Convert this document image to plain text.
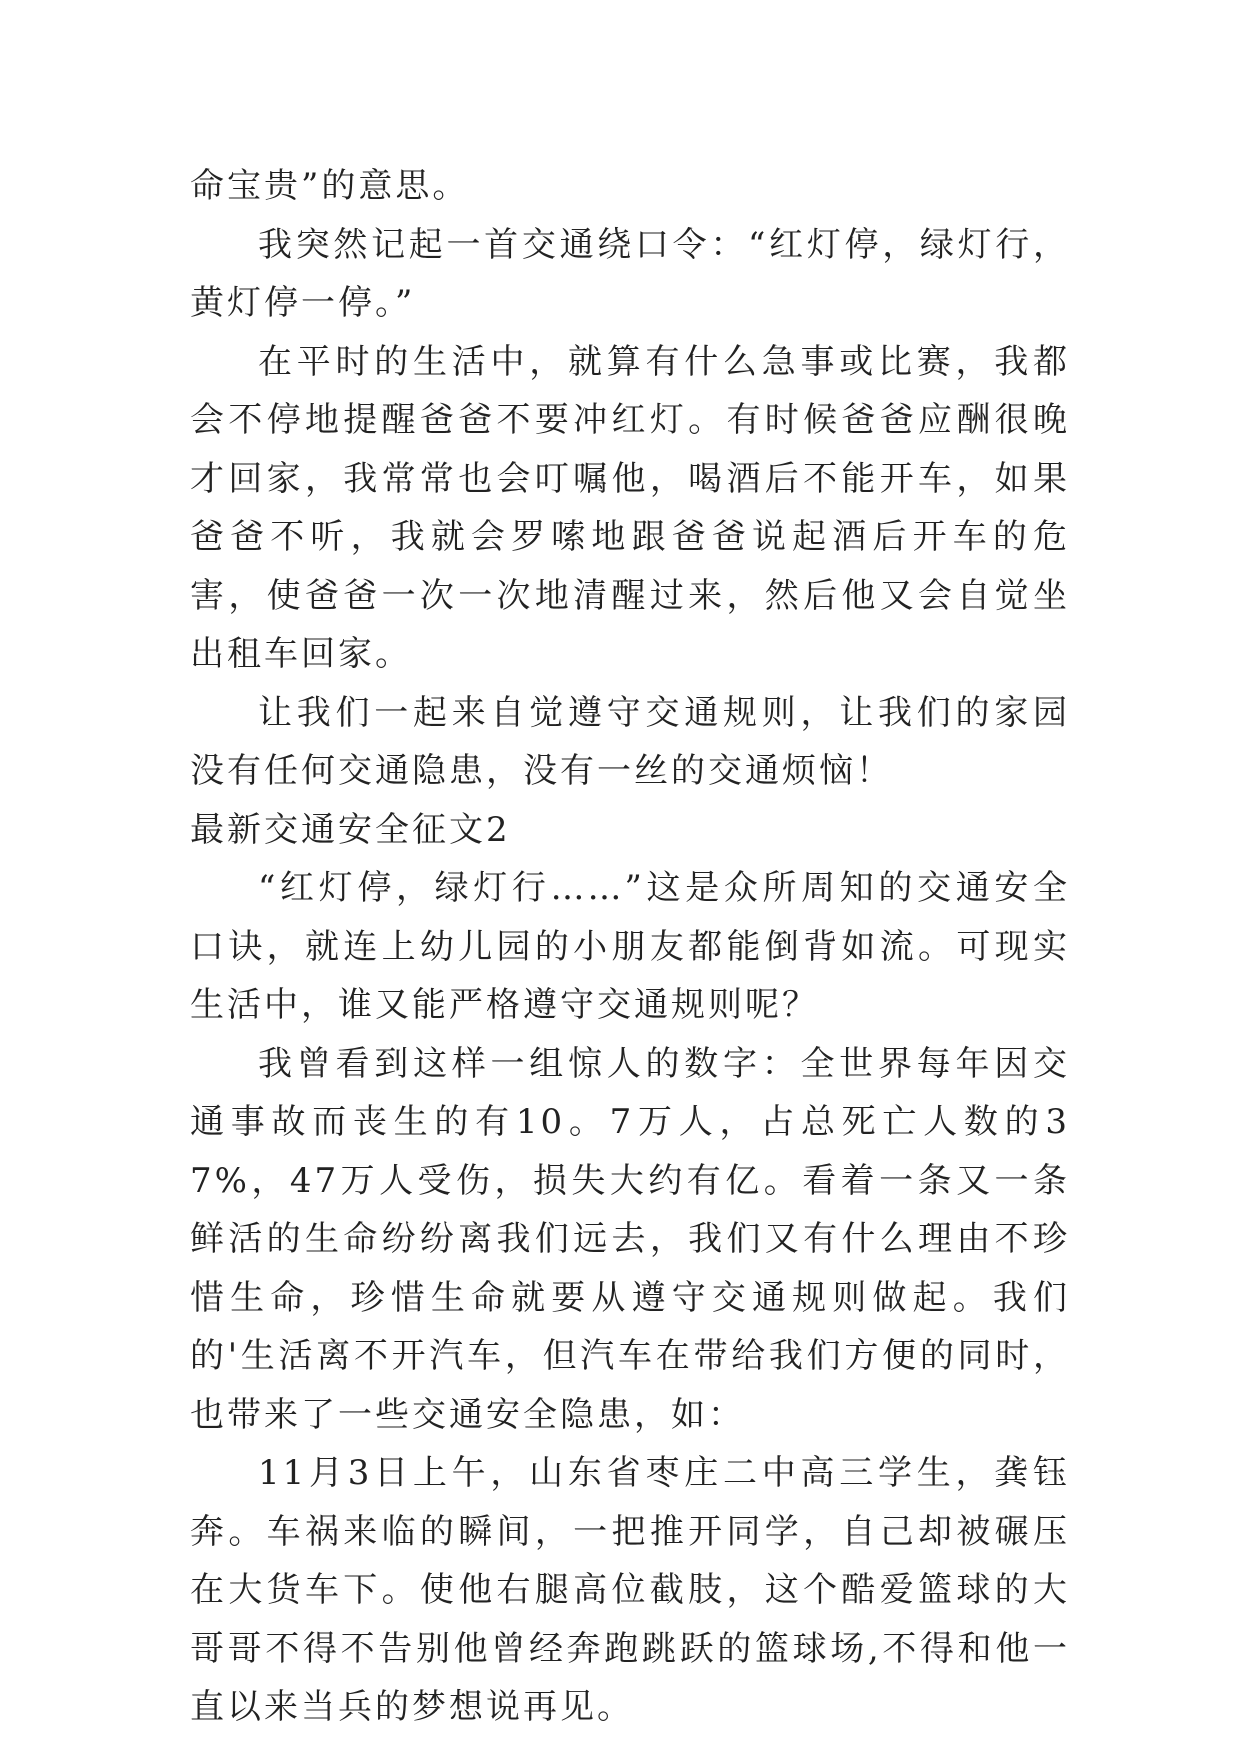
命宝贵”的意思。

我突然记起一首交通绕口令：“红灯停，绿灯行，黄灯停一停。”

在平时的生活中，就算有什么急事或比赛，我都会不停地提醒爸爸不要冲红灯。有时候爸爸应酬很晚才回家，我常常也会叮嘱他，喝酒后不能开车，如果爸爸不听，我就会罗嗦地跟爸爸说起酒后开车的危害，使爸爸一次一次地清醒过来，然后他又会自觉坐出租车回家。

让我们一起来自觉遵守交通规则，让我们的家园没有任何交通隐患，没有一丝的交通烦恼！

最新交通安全征文2

“红灯停，绿灯行……”这是众所周知的交通安全口诀，就连上幼儿园的小朋友都能倒背如流。可现实生活中，谁又能严格遵守交通规则呢？

我曾看到这样一组惊人的数字：全世界每年因交通事故而丧生的有10。7万人，占总死亡人数的37%，47万人受伤，损失大约有亿。看着一条又一条鲜活的生命纷纷离我们远去，我们又有什么理由不珍惜生命，珍惜生命就要从遵守交通规则做起。我们的'生活离不开汽车，但汽车在带给我们方便的同时，也带来了一些交通安全隐患，如：

11月3日上午，山东省枣庄二中高三学生，龚钰奔。车祸来临的瞬间，一把推开同学，自己却被碾压在大货车下。使他右腿高位截肢，这个酷爱篮球的大哥哥不得不告别他曾经奔跑跳跃的篮球场,不得和他一直以来当兵的梦想说再见。
